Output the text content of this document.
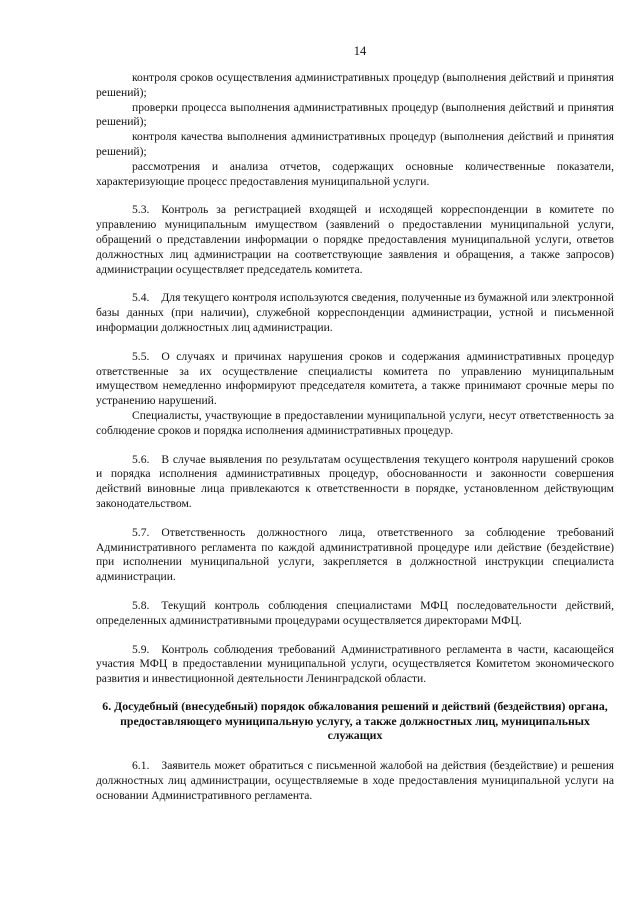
14

контроля сроков осуществления административных процедур (выполнения действий и принятия решений);

проверки процесса выполнения административных процедур (выполнения действий и принятия решений);

контроля качества выполнения административных процедур (выполнения действий и принятия решений);

рассмотрения и анализа отчетов, содержащих основные количественные показатели, характеризующие процесс предоставления муниципальной услуги.

5.3. Контроль за регистрацией входящей и исходящей корреспонденции в комитете по управлению муниципальным имуществом (заявлений о предоставлении муниципальной услуги, обращений о представлении информации о порядке предоставления муниципальной услуги, ответов должностных лиц администрации на соответствующие заявления и обращения, а также запросов) администрации осуществляет председатель комитета.

5.4. Для текущего контроля используются сведения, полученные из бумажной или электронной базы данных (при наличии), служебной корреспонденции администрации, устной и письменной информации должностных лиц администрации.

5.5. О случаях и причинах нарушения сроков и содержания административных процедур ответственные за их осуществление специалисты комитета по управлению муниципальным имуществом немедленно информируют председателя комитета, а также принимают срочные меры по устранению нарушений.

Специалисты, участвующие в предоставлении муниципальной услуги, несут ответственность за соблюдение сроков и порядка исполнения административных процедур.

5.6. В случае выявления по результатам осуществления текущего контроля нарушений сроков и порядка исполнения административных процедур, обоснованности и законности совершения действий виновные лица привлекаются к ответственности в порядке, установленном действующим законодательством.

5.7. Ответственность должностного лица, ответственного за соблюдение требований Административного регламента по каждой административной процедуре или действие (бездействие) при исполнении муниципальной услуги, закрепляется в должностной инструкции специалиста администрации.

5.8. Текущий контроль соблюдения специалистами МФЦ последовательности действий, определенных административными процедурами осуществляется директорами МФЦ.

5.9. Контроль соблюдения требований Административного регламента в части, касающейся участия МФЦ в предоставлении муниципальной услуги, осуществляется Комитетом экономического развития и инвестиционной деятельности Ленинградской области.

6. Досудебный (внесудебный) порядок обжалования решений и действий (бездействия) органа, предоставляющего муниципальную услугу, а также должностных лиц, муниципальных служащих

6.1. Заявитель может обратиться с письменной жалобой на действия (бездействие) и решения должностных лиц администрации, осуществляемые в ходе предоставления муниципальной услуги на основании Административного регламента.
